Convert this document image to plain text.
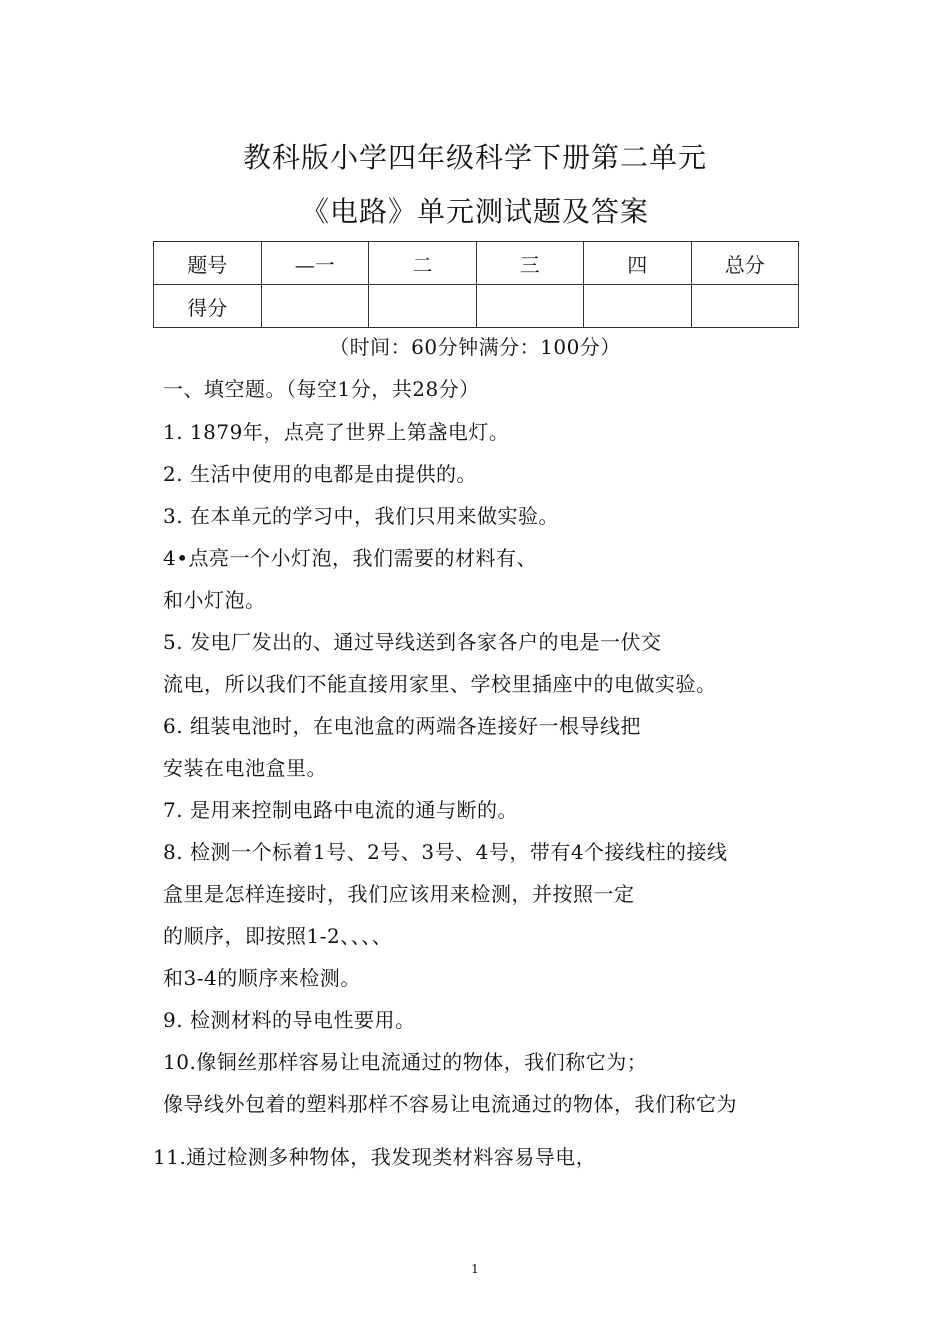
教科版小学四年级科学下册第二单元
《电路》单元测试题及答案
题号	—一	二	三	四	总分
得分					
（时间：60分钟满分：100分）
一、填空题。（每空1分，共28分）
1. 1879年，点亮了世界上第盏电灯。
2. 生活中使用的电都是由提供的。
3. 在本单元的学习中，我们只用来做实验。
4•点亮一个小灯泡，我们需要的材料有、
和小灯泡。
5. 发电厂发出的、通过导线送到各家各户的电是一伏交
流电，所以我们不能直接用家里、学校里插座中的电做实验。
6. 组装电池时，在电池盒的两端各连接好一根导线把
安装在电池盒里。
7. 是用来控制电路中电流的通与断的。
8. 检测一个标着1号、2号、3号、4号，带有4个接线柱的接线
盒里是怎样连接时，我们应该用来检测，并按照一定
的顺序，即按照1-2、、、、
和3-4的顺序来检测。
9. 检测材料的导电性要用。
10.像铜丝那样容易让电流通过的物体，我们称它为；
像导线外包着的塑料那样不容易让电流通过的物体，我们称它为
11.通过检测多种物体，我发现类材料容易导电，
1
